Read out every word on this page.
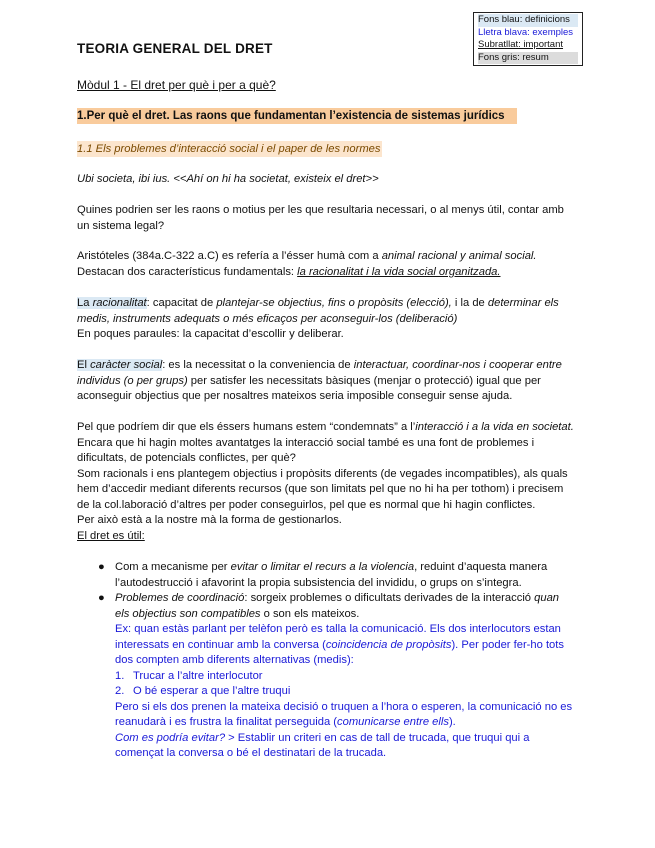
Fons blau: definicions
Lletra blava: exemples
Subratllat: important
Fons gris: resum
TEORIA GENERAL DEL DRET
Mòdul 1 - El dret per què i per a què?
1.Per què el dret. Las raons que fundamentan l’existencia de sistemas jurídics
1.1 Els problemes d’interacció social i el paper de les normes
Ubi societa, ibi ius. <<Ahí on hi ha societat, existeix el dret>>
Quines podrien ser les raons o motius per les que resultaria necessari, o al menys útil, contar amb un sistema legal?
Aristóteles (384a.C-322 a.C) es refería a l’ésser humà com a animal racional y animal social.
Destacan dos característicus fundamentals: la racionalitat i la vida social organitzada.
La racionalitat: capacitat de plantejar-se objectius, fins o propòsits (elecció), i la de determinar els medis, instruments adequats o més eficaços per aconseguir-los (deliberació)
En poques paraules: la capacitat d’escollir y deliberar.
El caràcter social: es la necessitat o la conveniencia de interactuar, coordinar-nos i cooperar entre individus (o per grups) per satisfer les necessitats bàsiques (menjar o protecció) igual que per aconseguir objectius que per nosaltres mateixos seria imposible conseguir sense ajuda.
Pel que podríem dir que els éssers humans estem “condemnats” a l’interacció i a la vida en societat. Encara que hi hagin moltes avantatges la interacció social també es una font de problemes i dificultats, de potencials conflictes, per què?
Som racionals i ens plantegem objectius i propòsits diferents (de vegades incompatibles), als quals hem d’accedir mediant diferents recursos (que son limitats pel que no hi ha per tothom) i precisem de la col.laboració d’altres per poder conseguirlos, pel que es normal que hi hagin conflictes.
Per això està a la nostre mà la forma de gestionarlos.
El dret es útil:
● Com a mecanisme per evitar o limitar el recurs a la violencia, reduint d’aquesta manera l’autodestrucció i afavorint la propia subsistencia del invididu, o grups on s’integra.
● Problemes de coordinació: sorgeix problemes o dificultats derivades de la interacció quan els objectius son compatibles o son els mateixos.
Ex: quan estàs parlant per telèfon però es talla la comunicació. Els dos interlocutors estan interessats en continuar amb la conversa (coincidencia de propòsits). Per poder fer-ho tots dos compten amb diferents alternativas (medis):
1. Trucar a l’altre interlocutor
2. O bé esperar a que l’altre truqui
Pero si els dos prenen la mateixa decisió o truquen a l’hora o esperen, la comunicació no es reanudarà i es frustra la finalitat perseguida (comunicarse entre ells).
Com es podría evitar? > Establir un criteri en cas de tall de trucada, que truqui qui a començat la conversa o bé el destinatari de la trucada.
